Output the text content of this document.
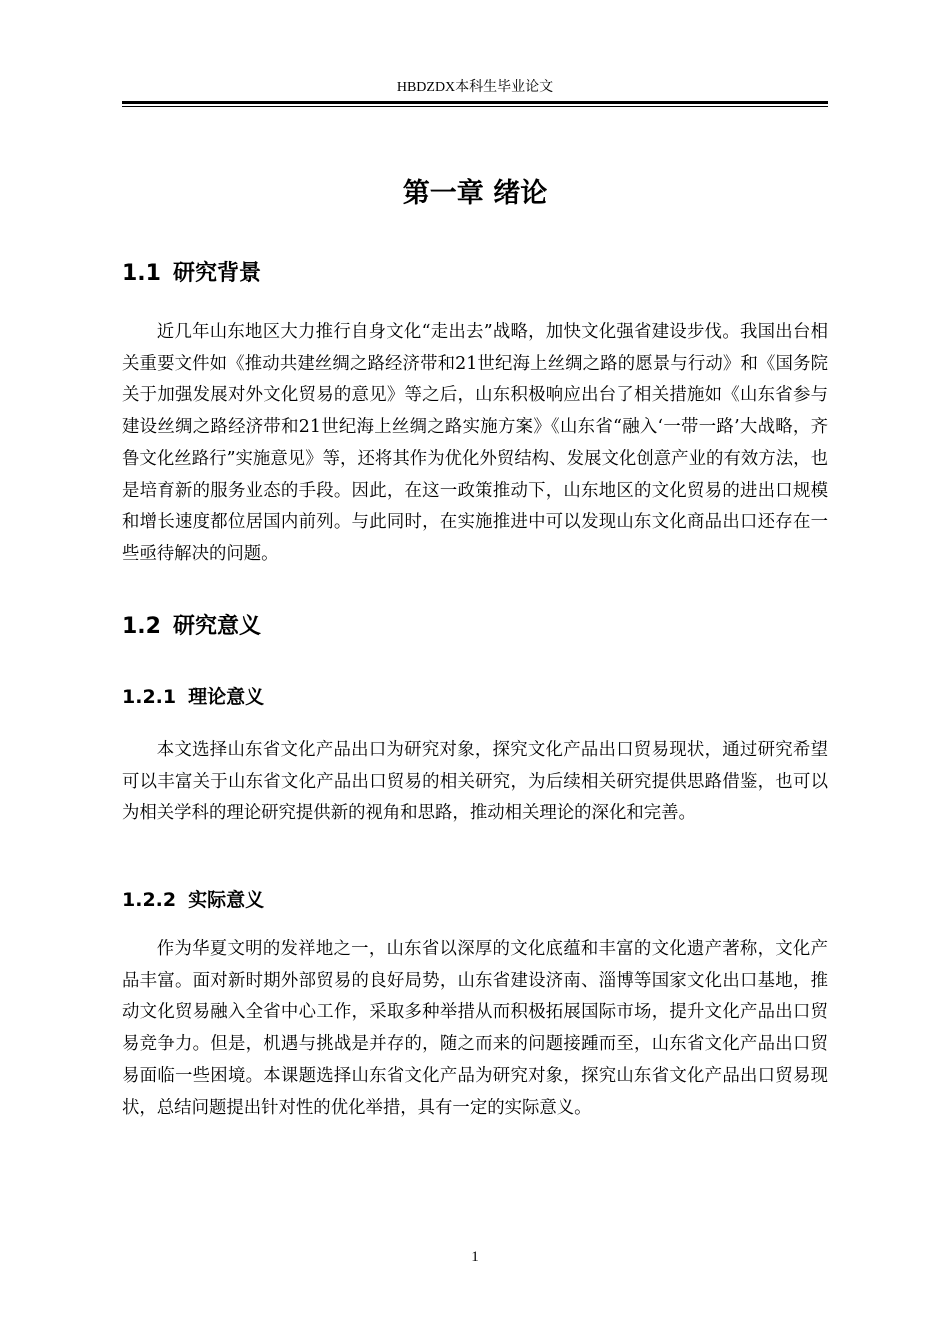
HBDZDX本科生毕业论文
第一章 绪论
1.1 研究背景

近几年山东地区大力推行自身文化“走出去”战略，加快文化强省建设步伐。我国出台相关重要文件如《推动共建丝绸之路经济带和21世纪海上丝绸之路的愿景与行动》和《国务院关于加强发展对外文化贸易的意见》等之后，山东积极响应出台了相关措施如《山东省参与建设丝绸之路经济带和21世纪海上丝绸之路实施方案》《山东省“融入‘一带一路’大战略，齐鲁文化丝路行”实施意见》等，还将其作为优化外贸结构、发展文化创意产业的有效方法，也是培育新的服务业态的手段。因此，在这一政策推动下，山东地区的文化贸易的进出口规模和增长速度都位居国内前列。与此同时，在实施推进中可以发现山东文化商品出口还存在一些亟待解决的问题。

1.2 研究意义
1.2.1 理论意义

本文选择山东省文化产品出口为研究对象，探究文化产品出口贸易现状，通过研究希望可以丰富关于山东省文化产品出口贸易的相关研究，为后续相关研究提供思路借鉴，也可以为相关学科的理论研究提供新的视角和思路，推动相关理论的深化和完善。

1.2.2 实际意义

作为华夏文明的发祥地之一，山东省以深厚的文化底蕴和丰富的文化遗产著称，文化产品丰富。面对新时期外部贸易的良好局势，山东省建设济南、淄博等国家文化出口基地，推动文化贸易融入全省中心工作，采取多种举措从而积极拓展国际市场，提升文化产品出口贸易竞争力。但是，机遇与挑战是并存的，随之而来的问题接踵而至，山东省文化产品出口贸易面临一些困境。本课题选择山东省文化产品为研究对象，探究山东省文化产品出口贸易现状，总结问题提出针对性的优化举措，具有一定的实际意义。

1
